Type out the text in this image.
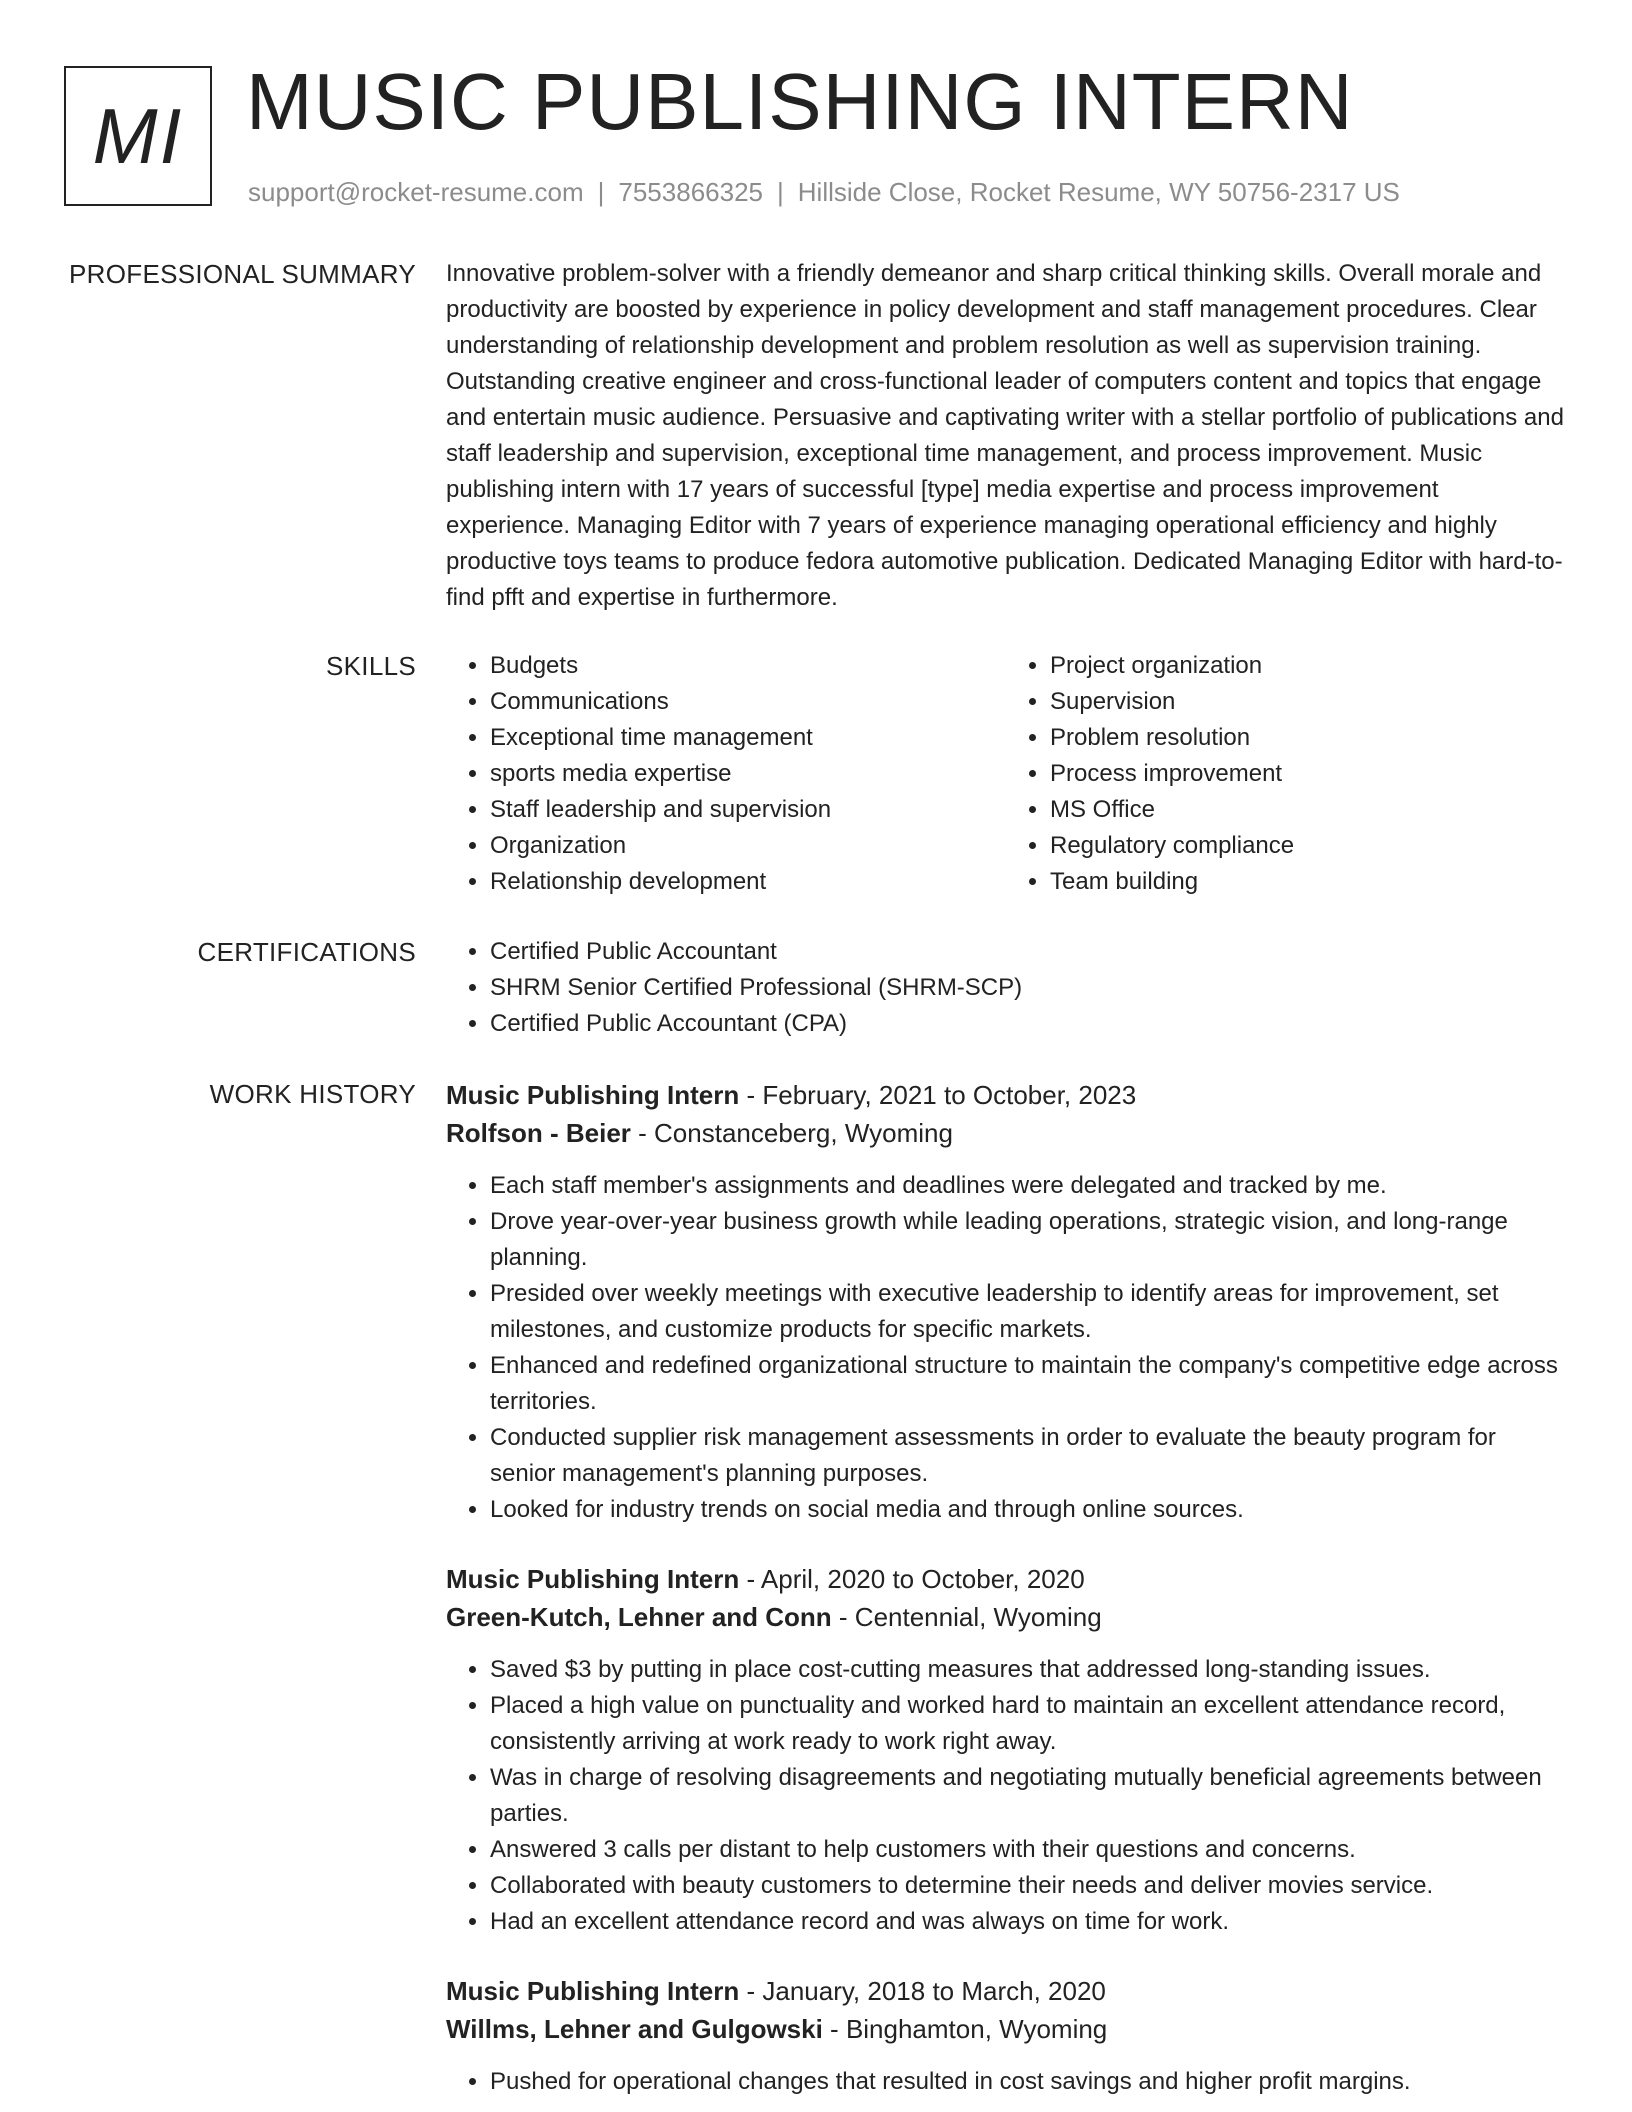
MI MUSIC PUBLISHING INTERN
support@rocket-resume.com | 7553866325 | Hillside Close, Rocket Resume, WY 50756-2317 US
PROFESSIONAL SUMMARY Innovative problem-solver with a friendly demeanor and sharp critical thinking skills. Overall morale and productivity are boosted by experience in policy development and staff management procedures. Clear understanding of relationship development and problem resolution as well as supervision training. Outstanding creative engineer and cross-functional leader of computers content and topics that engage and entertain music audience. Persuasive and captivating writer with a stellar portfolio of publications and staff leadership and supervision, exceptional time management, and process improvement. Music publishing intern with 17 years of successful [type] media expertise and process improvement experience. Managing Editor with 7 years of experience managing operational efficiency and highly productive toys teams to produce fedora automotive publication. Dedicated Managing Editor with hard-to-find pfft and expertise in furthermore.

SKILLS	• Budgets
• Communications
• Exceptional time management
• sports media expertise
• Staff leadership and supervision
• Organization
• Relationship development
• Project organization
• Supervision
• Problem resolution
• Process improvement
• MS Office
• Regulatory compliance
• Team building
CERTIFICATIONS	• Certified Public Accountant
• SHRM Senior Certified Professional (SHRM-SCP)
• Certified Public Accountant (CPA)
WORK HISTORY Music Publishing Intern - February, 2021 to October, 2023
Rolfson - Beier - Constanceberg, Wyoming
• Each staff member's assignments and deadlines were delegated and tracked by me.
• Drove year-over-year business growth while leading operations, strategic vision, and long-range planning.
• Presided over weekly meetings with executive leadership to identify areas for improvement, set milestones, and customize products for specific markets.
• Enhanced and redefined organizational structure to maintain the company's competitive edge across territories.
• Conducted supplier risk management assessments in order to evaluate the beauty program for senior management's planning purposes.
• Looked for industry trends on social media and through online sources.
Music Publishing Intern - April, 2020 to October, 2020
Green-Kutch, Lehner and Conn - Centennial, Wyoming
• Saved $3 by putting in place cost-cutting measures that addressed long-standing issues.
• Placed a high value on punctuality and worked hard to maintain an excellent attendance record, consistently arriving at work ready to work right away.
• Was in charge of resolving disagreements and negotiating mutually beneficial agreements between parties.
• Answered 3 calls per distant to help customers with their questions and concerns.
• Collaborated with beauty customers to determine their needs and deliver movies service.
• Had an excellent attendance record and was always on time for work.
Music Publishing Intern - January, 2018 to March, 2020
Willms, Lehner and Gulgowski - Binghamton, Wyoming
• Pushed for operational changes that resulted in cost savings and higher profit margins.
